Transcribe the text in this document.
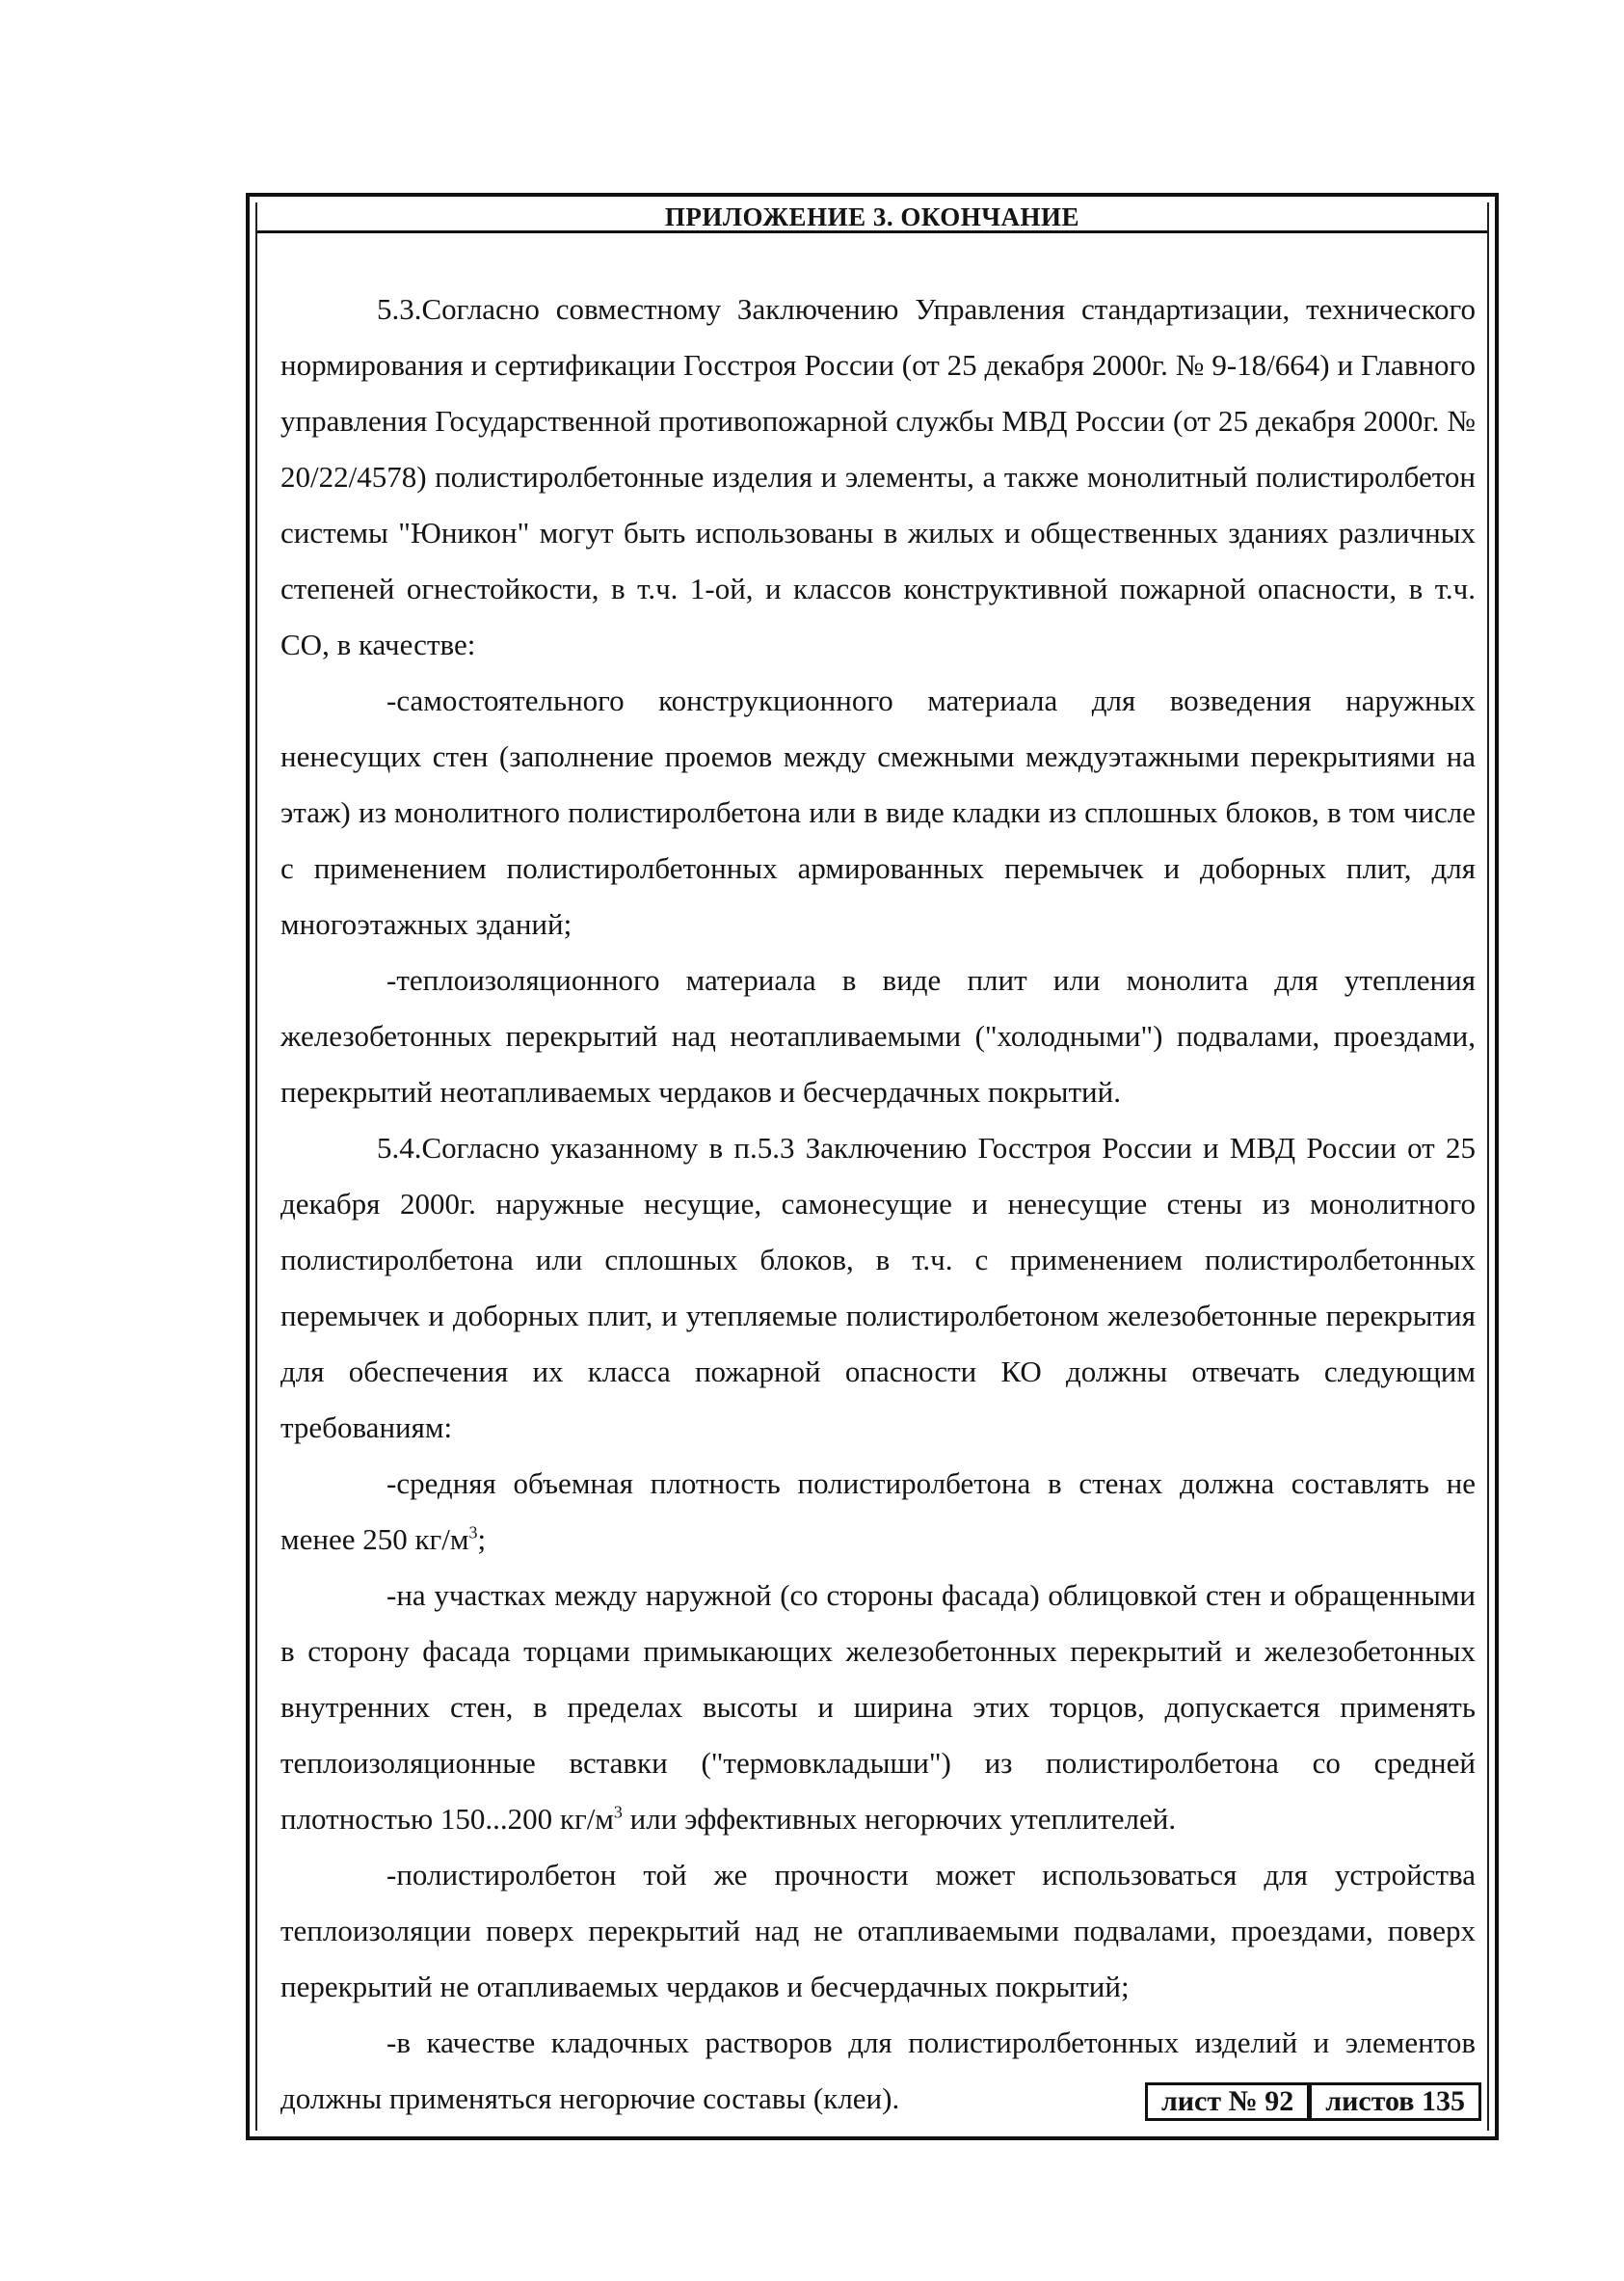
ПРИЛОЖЕНИЕ 3. ОКОНЧАНИЕ

5.3.Согласно совместному Заключению Управления стандартизации, технического нормирования и сертификации Госстроя России (от 25 декабря 2000г. № 9-18/664) и Главного управления Государственной противопожарной службы МВД России (от 25 декабря 2000г. № 20/22/4578) полистиролбетонные изделия и элементы, а также монолитный полистиролбетон системы "Юникон" могут быть использованы в жилых и общественных зданиях различных степеней огнестойкости, в т.ч. 1-ой, и классов конструктивной пожарной опасности, в т.ч. СО, в качестве:

-самостоятельного конструкционного материала для возведения наружных ненесущих стен (заполнение проемов между смежными междуэтажными перекрытиями на этаж) из монолитного полистиролбетона или в виде кладки из сплошных блоков, в том числе с применением полистиролбетонных армированных перемычек и доборных плит, для многоэтажных зданий;

-теплоизоляционного материала в виде плит или монолита для утепления железобетонных перекрытий над неотапливаемыми ("холодными") подвалами, проездами, перекрытий неотапливаемых чердаков и бесчердачных покрытий.

5.4.Согласно указанному в п.5.3 Заключению Госстроя России и МВД России от 25 декабря 2000г. наружные несущие, самонесущие и ненесущие стены из монолитного полистиролбетона или сплошных блоков, в т.ч. с применением полистиролбетонных перемычек и доборных плит, и утепляемые полистиролбетоном железобетонные перекрытия для обеспечения их класса пожарной опасности КО должны отвечать следующим требованиям:

-средняя объемная плотность полистиролбетона в стенах должна составлять не менее 250 $кг/м^3$;

-на участках между наружной (со стороны фасада) облицовкой стен и обращенными в сторону фасада торцами примыкающих железобетонных перекрытий и железобетонных внутренних стен, в пределах высоты и ширина этих торцов, допускается применять теплоизоляционные вставки ("термовкладыши") из полистиролбетона со средней плотностью 150...200 $кг/м^3$ или эффективных негорючих утеплителей.

-полистиролбетон той же прочности может использоваться для устройства теплоизоляции поверх перекрытий над не отапливаемыми подвалами, проездами, поверх перекрытий не отапливаемых чердаков и бесчердачных покрытий;

-в качестве кладочных растворов для полистиролбетонных изделий и элементов должны применяться негорючие составы (клеи).	лист № 92	листов 135
